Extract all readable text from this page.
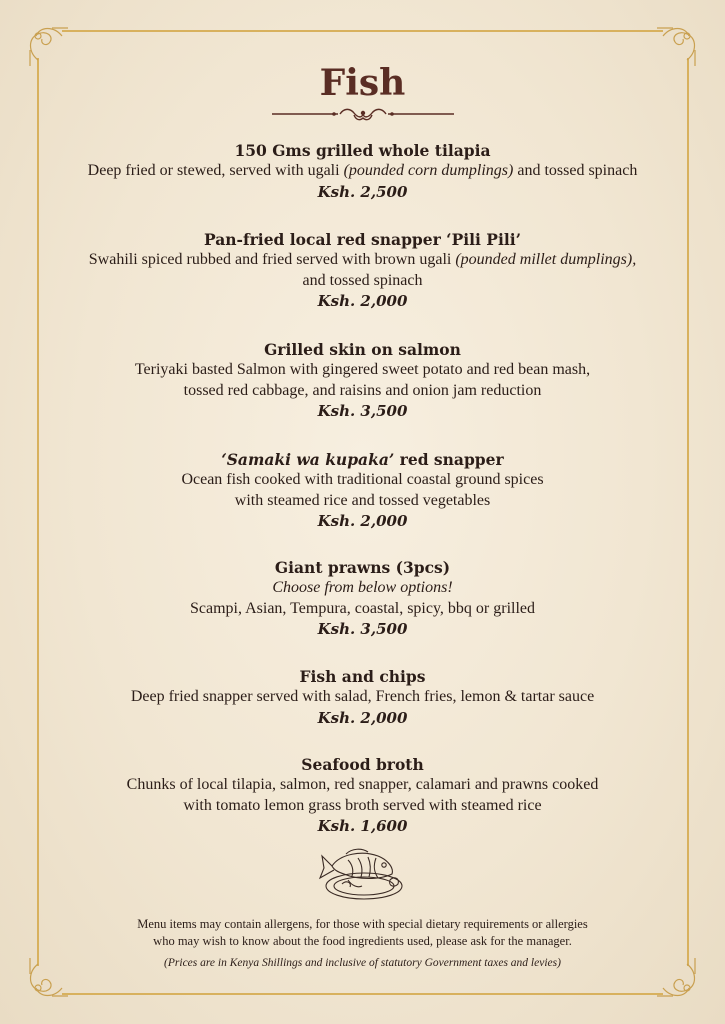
Fish
150 Gms grilled whole tilapia
Deep fried or stewed, served with ugali (pounded corn dumplings) and tossed spinach
Ksh. 2,500
Pan-fried local red snapper ‘Pili Pili’
Swahili spiced rubbed and fried served with brown ugali (pounded millet dumplings),
and tossed spinach
Ksh. 2,000
Grilled skin on salmon
Teriyaki basted Salmon with gingered sweet potato and red bean mash,
tossed red cabbage, and raisins and onion jam reduction
Ksh. 3,500
‘Samaki wa kupaka’ red snapper
Ocean fish cooked with traditional coastal ground spices
with steamed rice and tossed vegetables
Ksh. 2,000
Giant prawns (3pcs)
Choose from below options!
Scampi, Asian, Tempura, coastal, spicy, bbq or grilled
Ksh. 3,500
Fish and chips
Deep fried snapper served with salad, French fries, lemon & tartar sauce
Ksh. 2,000
Seafood broth
Chunks of local tilapia, salmon, red snapper, calamari and prawns cooked
with tomato lemon grass broth served with steamed rice
Ksh. 1,600
Menu items may contain allergens, for those with special dietary requirements or allergies
who may wish to know about the food ingredients used, please ask for the manager.
(Prices are in Kenya Shillings and inclusive of statutory Government taxes and levies)
